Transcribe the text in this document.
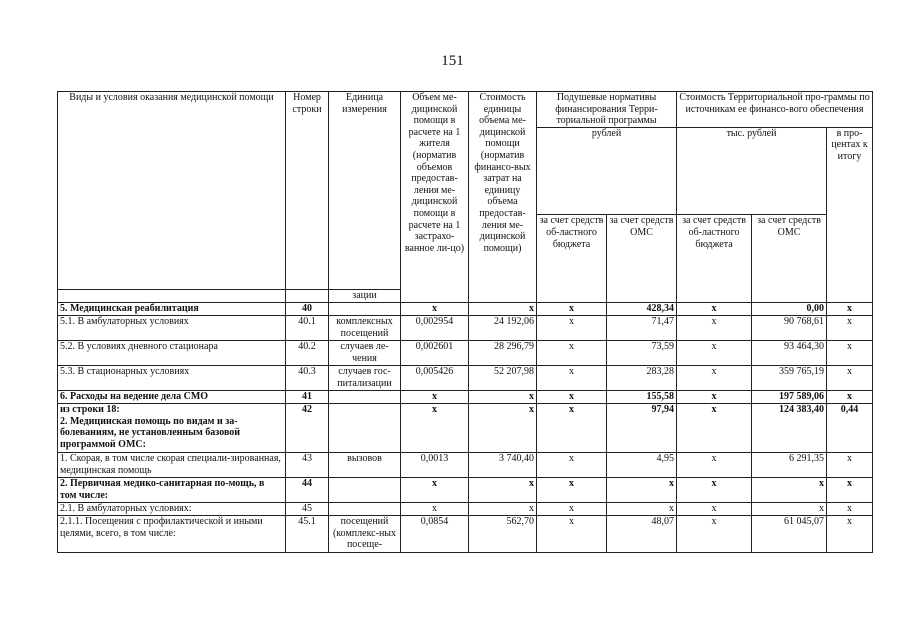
151
Виды и условия оказания медицинской помощи	Номер строки	Единица измерения	Объем ме-дицинской помощи в расчете на 1 жителя (норматив объемов предостав-ления ме-дицинской помощи в расчете на 1 застрахо-ванное ли-цо)	Стоимость единицы объема ме-дицинской помощи (норматив финансо-вых затрат на единицу объема предостав-ления ме-дицинской помощи)	Подушевые нормативы финансирования Терри-ториальной программы		Стоимость Территориальной про-граммы по источникам ее финансо-вого обеспечения		
					рублей		тыс. рублей		в про-центах к итогу
					за счет средств об-ластного бюджета	за счет средств ОМС	за счет средств об-ластного бюджета	за счет средств ОМС	
		зации							
5. Медицинская реабилитация	40		х	х	х	428,34	х	0,00	х
5.1. В амбулаторных условиях	40.1	комплексных посещений	0,002954	24 192,06	х	71,47	х	90 768,61	х
5.2. В условиях дневного стационара	40.2	случаев ле-чения	0,002601	28 296,79	х	73,59	х	93 464,30	х
5.3. В стационарных условиях	40.3	случаев гос-питализации	0,005426	52 207,98	х	283,28	х	359 765,19	х
6. Расходы на ведение дела СМО	41		х	х	х	155,58	х	197 589,06	х
из строки 18:
2. Медицинская помощь по видам и за-болеваниям, не установленным базовой программой ОМС:	42		х	х	х	97,94	х	124 383,40	0,44
1. Скорая, в том числе скорая специали-зированная, медицинская помощь	43	вызовов	0,0013	3 740,40	х	4,95	х	6 291,35	х
2. Первичная медико-санитарная по-мощь, в том числе:	44		х	х	х	х	х	х	х
2.1. В амбулаторных условиях:	45		х	х	х	х	х	х	х
2.1.1. Посещения с профилактической и иными целями, всего, в том числе:	45.1	посещений (комплекс-ных посеще-	0,0854	562,70	х	48,07	х	61 045,07	х
